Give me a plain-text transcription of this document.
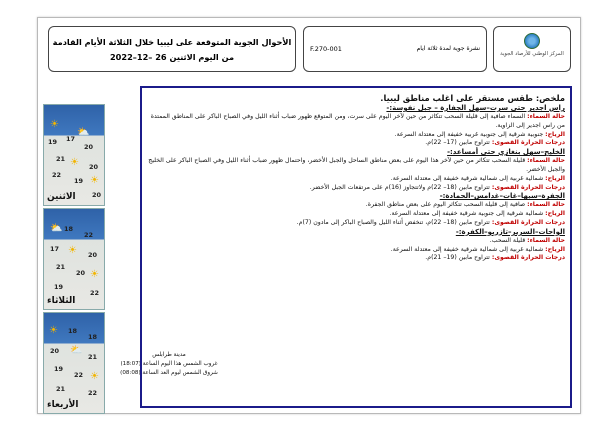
الأحوال الجوية المتوقعة على ليبيا خلال الثلاثة الأيام القادمة
من اليوم الاثنين 26 –12–2022
F.270-001	نشرة جوية لمدة ثلاثة ايام
المركز الوطني للأرصاد الجوية
☀
⛅
19 17
20
21 ☀ 20
22
19 ☀
20
الاثنين
⛅ 18
22
17 ☀ 20
21
20 ☀
19
22
الثلاثاء
☀ 18
18
20 ⛅
21
19
22 ☀
21	22
الأربعاء
مدينة طرابلس
غروب الشمس هذا اليوم الساعة (18:07)
شروق الشمس ليوم الغد الساعة (08:08)
ملخص: طقس مستقر على اغلب مناطق ليبيا.
راس اجدير حتى سرت–سهل الجفارة – جبل نفوسة:-

حالة السماء: السماء صافية إلى قليلة السحب تتكاثر من حين لآخر اليوم على سرت، ومن المتوقع ظهور ضباب أثناء الليل وفي الصباح الباكر على المناطق الممتدة من راس اجدير إلى الزاوية.

الرياح: جنوبية شرقية إلى جنوبية غربية خفيفة إلى معتدلة السرعة.

درجات الحرارة القصوى: تتراوح مابين (17– 22)م.

الخليج–سهل بنغازي حتى أمساعد:-

حالة السماء: قليلة السحب تتكاثر من حين لآخر هذا اليوم على بعض مناطق الساحل والجبل الأخضر، واحتمال ظهور ضباب أثناء الليل وفي الصباح الباكر على الخليج والجبل الأخضر.

الرياح: شمالية غربية إلى شمالية شرقية خفيفة إلى معتدلة السرعة.

درجات الحرارة القصوى: تتراوح مابين (18– 22)م ولاتتجاوز (16)م على مرتفعات الجبل الأخضر.

الجفرة–سبها–غات–غدامس–الحمادة:-

حالة السماء: صافية إلى قليلة السحب تتكاثر اليوم على بعض مناطق الجفرة.

الرياح: شمالية شرقية إلى جنوبية شرقية خفيفة إلى معتدلة السرعة.

درجات الحرارة القصوى: تتراوح مابين (18– 22)م، تنخفض أثناء الليل والصباح الباكر إلى مادون (7)م.

الواحات–السرير–تازربو–الكفرة:-

حالة السماء: قليلة السحب.

الرياح: شمالية غربية إلى شمالية شرقية خفيفة إلى معتدلة السرعة.

درجات الحرارة القصوى: تتراوح مابين (19– 21)م.
